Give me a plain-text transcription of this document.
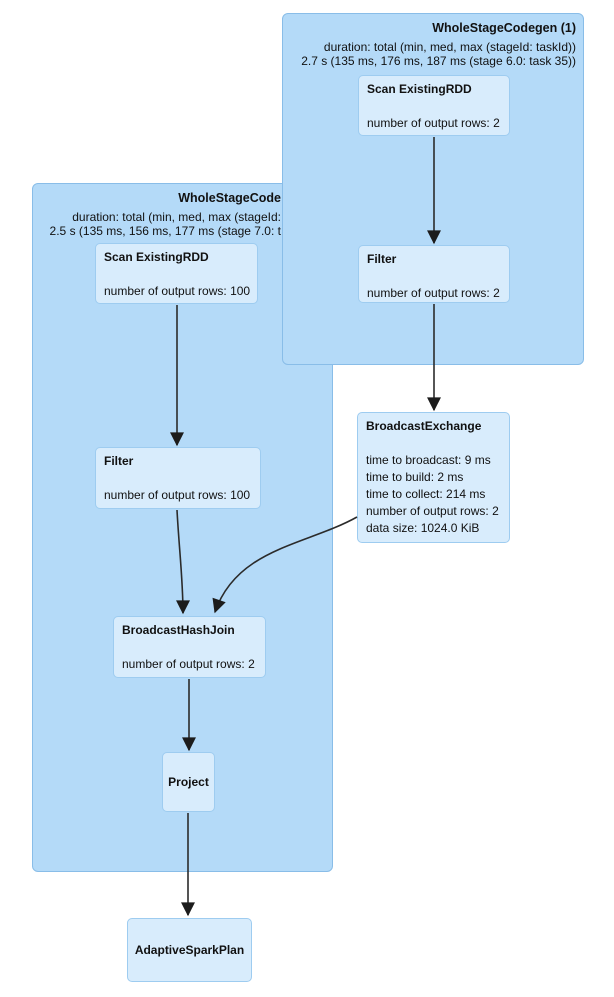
WholeStageCode
duration: total (min, med, max (stageId:
2.5 s (135 ms, 156 ms, 177 ms (stage 7.0: t
WholeStageCodegen (1)
duration: total (min, med, max (stageId: taskId))
2.7 s (135 ms, 176 ms, 187 ms (stage 6.0: task 35))
Scan ExistingRDD
number of output rows: 2
Filter
number of output rows: 2
Scan ExistingRDD
number of output rows: 100
Filter
number of output rows: 100
BroadcastExchange
time to broadcast: 9 ms
time to build: 2 ms
time to collect: 214 ms
number of output rows: 2
data size: 1024.0 KiB
BroadcastHashJoin
number of output rows: 2
Project
AdaptiveSparkPlan
